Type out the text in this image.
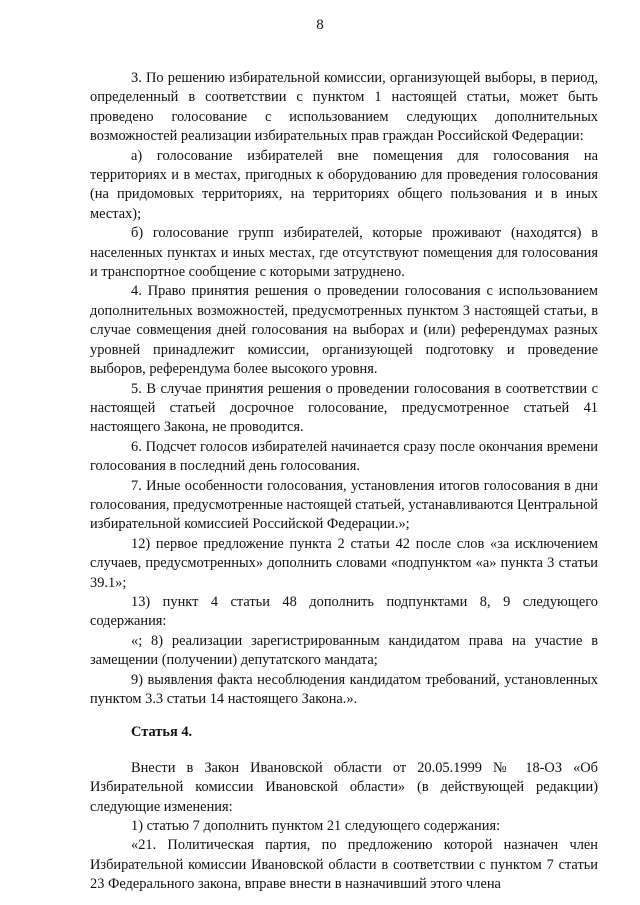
8

3. По решению избирательной комиссии, организующей выборы, в период, определенный в соответствии с пунктом 1 настоящей статьи, может быть проведено голосование с использованием следующих дополнительных возможностей реализации избирательных прав граждан Российской Федерации:

а) голосование избирателей вне помещения для голосования на территориях и в местах, пригодных к оборудованию для проведения голосования (на придомовых территориях, на территориях общего пользования и в иных местах);

б) голосование групп избирателей, которые проживают (находятся) в населенных пунктах и иных местах, где отсутствуют помещения для голосования и транспортное сообщение с которыми затруднено.

4. Право принятия решения о проведении голосования с использованием дополнительных возможностей, предусмотренных пунктом 3 настоящей статьи, в случае совмещения дней голосования на выборах и (или) референдумах разных уровней принадлежит комиссии, организующей подготовку и проведение выборов, референдума более высокого уровня.

5. В случае принятия решения о проведении голосования в соответствии с настоящей статьей досрочное голосование, предусмотренное статьей 41 настоящего Закона, не проводится.

6. Подсчет голосов избирателей начинается сразу после окончания времени голосования в последний день голосования.

7. Иные особенности голосования, установления итогов голосования в дни голосования, предусмотренные настоящей статьей, устанавливаются Центральной избирательной комиссией Российской Федерации.»;

12) первое предложение пункта 2 статьи 42 после слов «за исключением случаев, предусмотренных» дополнить словами «подпунктом «а» пункта 3 статьи 39.1»;

13) пункт 4 статьи 48 дополнить подпунктами 8, 9 следующего содержания:

«; 8) реализации зарегистрированным кандидатом права на участие в замещении (получении) депутатского мандата;

9) выявления факта несоблюдения кандидатом требований, установленных пунктом 3.3 статьи 14 настоящего Закона.».

Статья 4.

Внести в Закон Ивановской области от 20.05.1999 № 18-ОЗ «Об Избирательной комиссии Ивановской области» (в действующей редакции) следующие изменения:

1) статью 7 дополнить пунктом 21 следующего содержания:

«21. Политическая партия, по предложению которой назначен член Избирательной комиссии Ивановской области в соответствии с пунктом 7 статьи 23 Федерального закона, вправе внести в назначивший этого члена
